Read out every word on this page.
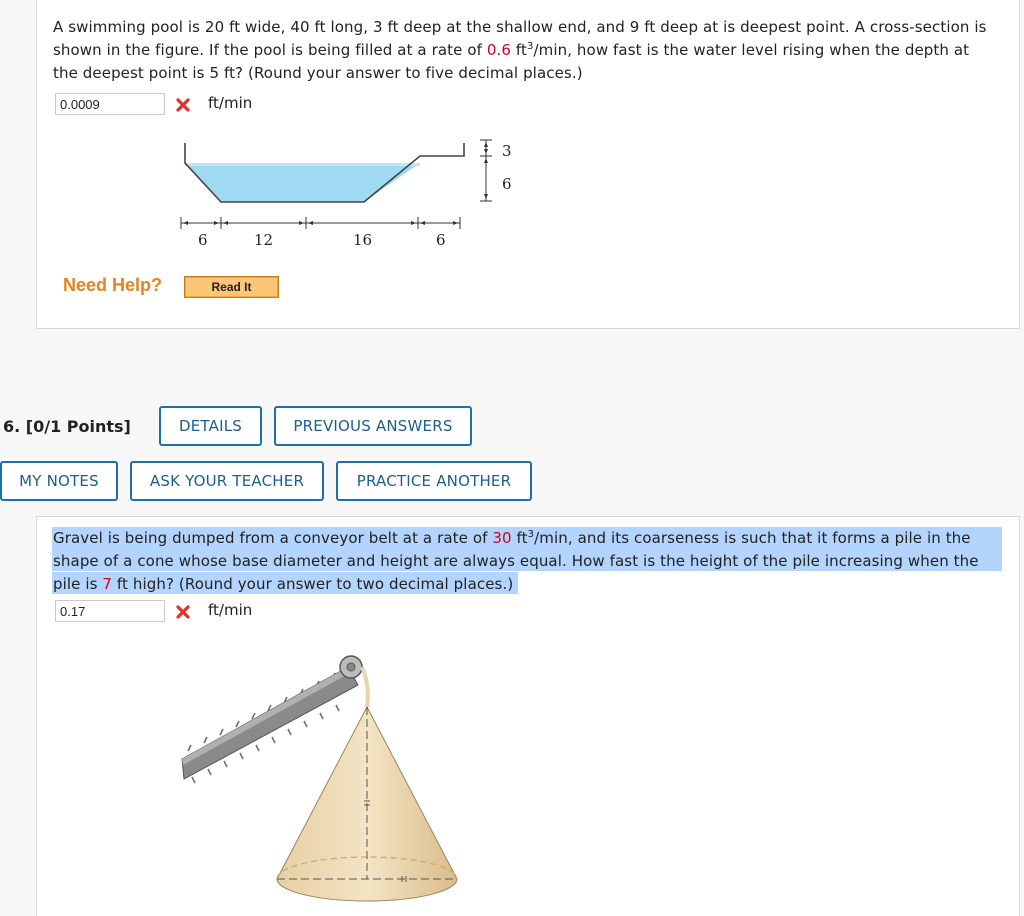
A swimming pool is 20 ft wide, 40 ft long, 3 ft deep at the shallow end, and 9 ft deep at is deepest point. A cross-section is

shown in the figure. If the pool is being filled at a rate of 0.6 $ft^3/\min$, how fast is the water level rising when the depth at

the deepest point is 5 ft? (Round your answer to five decimal places.)

0.0009	ft/min
3
6
6	12	16	6
Need Help?	Read It
6. [0/1 Points]	DETAILS	PREVIOUS ANSWERS
MY NOTES	ASK YOUR TEACHER	PRACTICE ANOTHER

Gravel is being dumped from a conveyor belt at a rate of 30 $ft^3/\min$, and its coarseness is such that it forms a pile in the

shape of a cone whose base diameter and height are always equal. How fast is the height of the pile increasing when the

pile is 7 ft high? (Round your answer to two decimal places.)

0.17	ft/min
